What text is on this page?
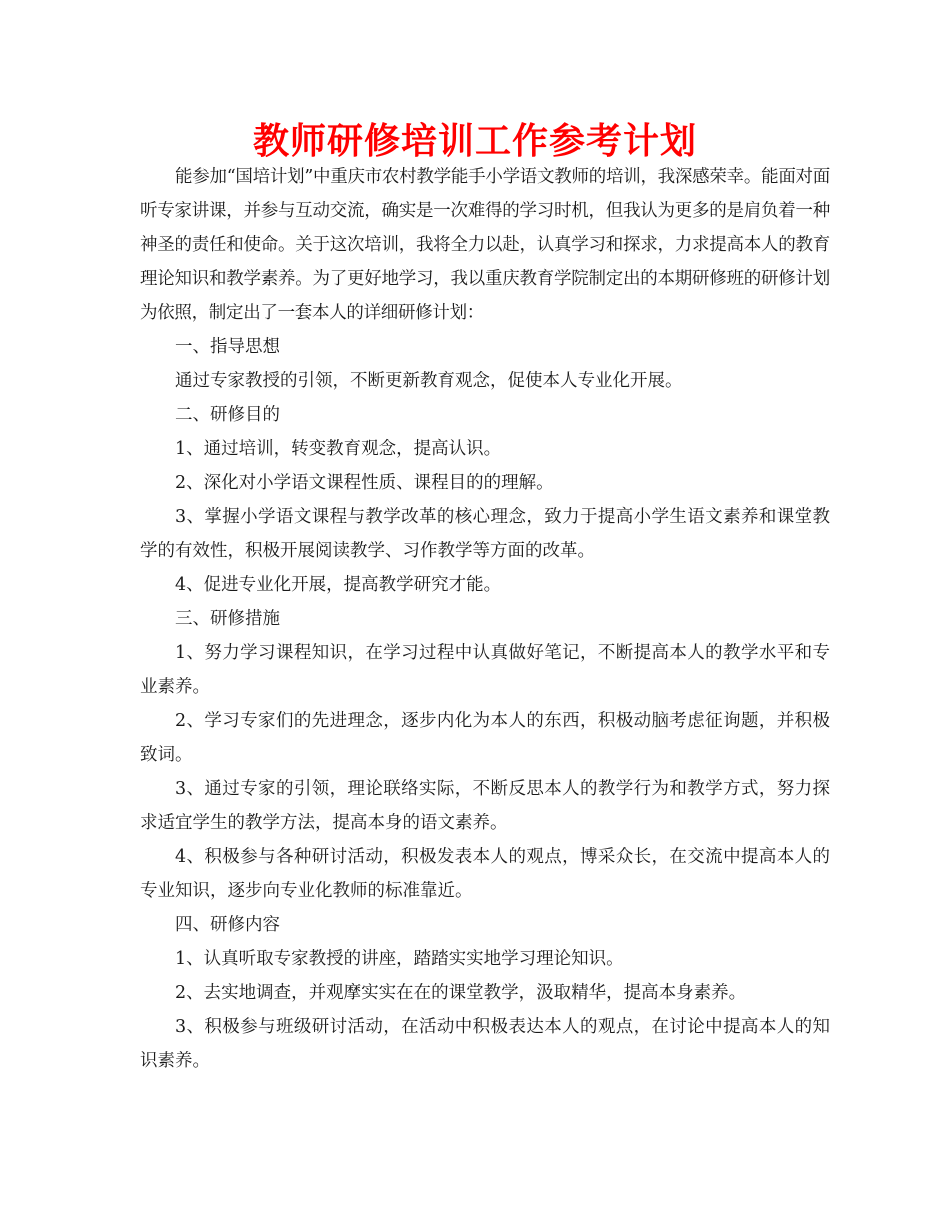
教师研修培训工作参考计划

能参加“国培计划”中重庆市农村教学能手小学语文教师的培训，我深感荣幸。能面对面听专家讲课，并参与互动交流，确实是一次难得的学习时机，但我认为更多的是肩负着一种神圣的责任和使命。关于这次培训，我将全力以赴，认真学习和探求，力求提高本人的教育理论知识和教学素养。为了更好地学习，我以重庆教育学院制定出的本期研修班的研修计划为依照，制定出了一套本人的详细研修计划：

一、指导思想

通过专家教授的引领，不断更新教育观念，促使本人专业化开展。

二、研修目的

1、通过培训，转变教育观念，提高认识。

2、深化对小学语文课程性质、课程目的的理解。

3、掌握小学语文课程与教学改革的核心理念，致力于提高小学生语文素养和课堂教学的有效性，积极开展阅读教学、习作教学等方面的改革。

4、促进专业化开展，提高教学研究才能。

三、研修措施

1、努力学习课程知识，在学习过程中认真做好笔记，不断提高本人的教学水平和专业素养。

2、学习专家们的先进理念，逐步内化为本人的东西，积极动脑考虑征询题，并积极致词。

3、通过专家的引领，理论联络实际，不断反思本人的教学行为和教学方式，努力探求适宜学生的教学方法，提高本身的语文素养。

4、积极参与各种研讨活动，积极发表本人的观点，博采众长，在交流中提高本人的专业知识，逐步向专业化教师的标准靠近。

四、研修内容

1、认真听取专家教授的讲座，踏踏实实地学习理论知识。

2、去实地调查，并观摩实实在在的课堂教学，汲取精华，提高本身素养。

3、积极参与班级研讨活动，在活动中积极表达本人的观点，在讨论中提高本人的知识素养。
